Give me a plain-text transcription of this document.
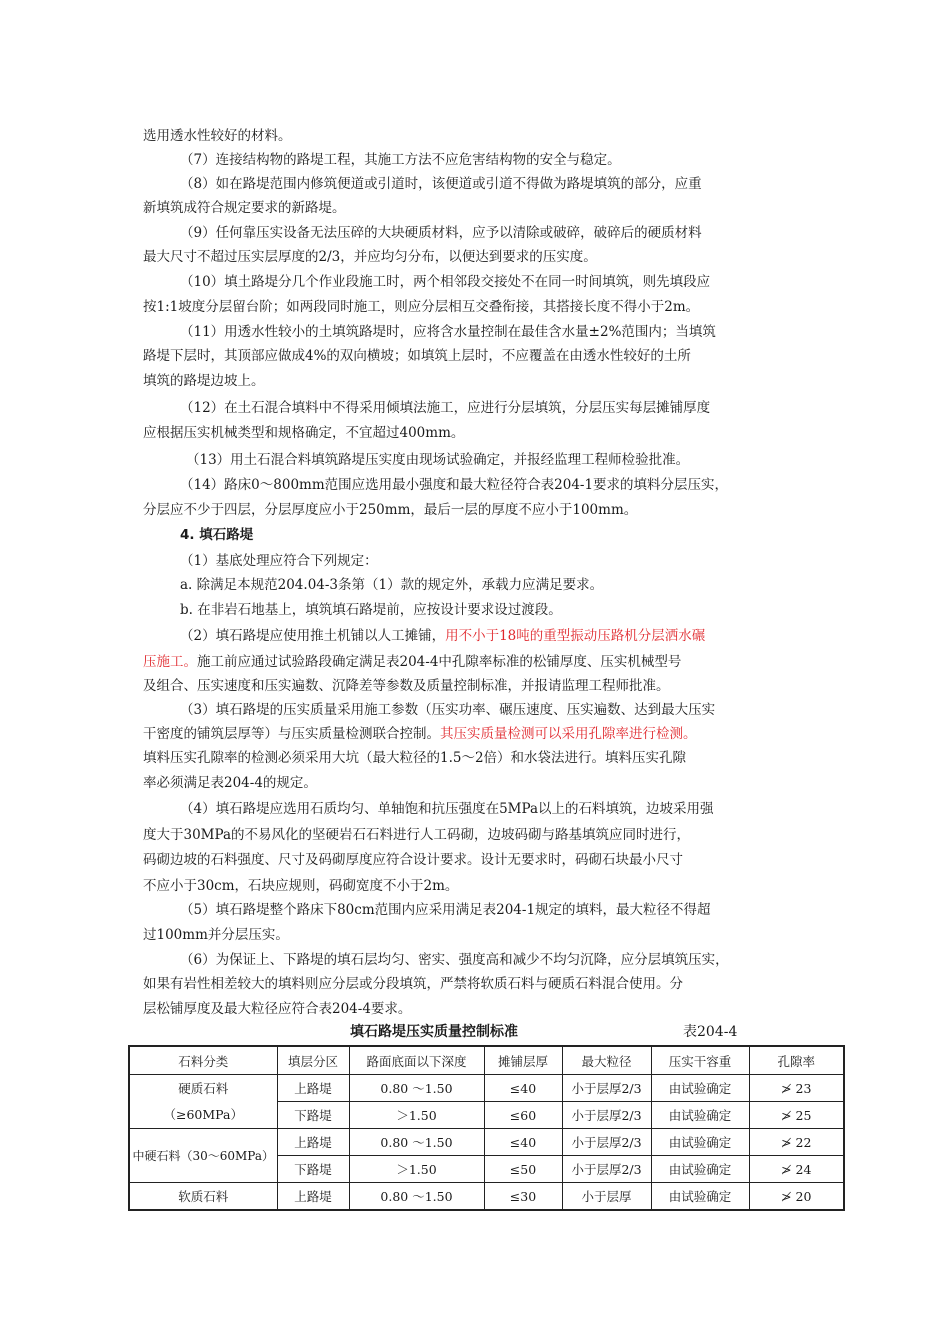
选用透水性较好的材料。
（7）连接结构物的路堤工程，其施工方法不应危害结构物的安全与稳定。
（8）如在路堤范围内修筑便道或引道时，该便道或引道不得做为路堤填筑的部分，应重
新填筑成符合规定要求的新路堤。
（9）任何靠压实设备无法压碎的大块硬质材料，应予以清除或破碎，破碎后的硬质材料
最大尺寸不超过压实层厚度的2/3，并应均匀分布，以便达到要求的压实度。
（10）填土路堤分几个作业段施工时，两个相邻段交接处不在同一时间填筑，则先填段应
按1:1坡度分层留台阶；如两段同时施工，则应分层相互交叠衔接，其搭接长度不得小于2m。
（11）用透水性较小的土填筑路堤时，应将含水量控制在最佳含水量±2%范围内；当填筑
路堤下层时，其顶部应做成4%的双向横坡；如填筑上层时，不应覆盖在由透水性较好的土所
填筑的路堤边坡上。
（12）在土石混合填料中不得采用倾填法施工，应进行分层填筑，分层压实每层摊铺厚度
应根据压实机械类型和规格确定，不宜超过400mm。
（13）用土石混合料填筑路堤压实度由现场试验确定，并报经监理工程师检验批准。
（14）路床0～800mm范围应选用最小强度和最大粒径符合表204-1要求的填料分层压实，
分层应不少于四层，分层厚度应小于250mm，最后一层的厚度不应小于100mm。
4. 填石路堤
（1）基底处理应符合下列规定：
a. 除满足本规范204.04-3条第（1）款的规定外，承载力应满足要求。
b. 在非岩石地基上，填筑填石路堤前，应按设计要求设过渡段。
（2）填石路堤应使用推土机铺以人工摊铺，用不小于18吨的重型振动压路机分层洒水碾
压施工。施工前应通过试验路段确定满足表204-4中孔隙率标准的松铺厚度、压实机械型号
及组合、压实速度和压实遍数、沉降差等参数及质量控制标准，并报请监理工程师批准。
（3）填石路堤的压实质量采用施工参数（压实功率、碾压速度、压实遍数、达到最大压实
干密度的铺筑层厚等）与压实质量检测联合控制。其压实质量检测可以采用孔隙率进行检测。
填料压实孔隙率的检测必须采用大坑（最大粒径的1.5～2倍）和水袋法进行。填料压实孔隙
率必须满足表204-4的规定。
（4）填石路堤应选用石质均匀、单轴饱和抗压强度在5MPa以上的石料填筑，边坡采用强
度大于30MPa的不易风化的坚硬岩石石料进行人工码砌，边坡码砌与路基填筑应同时进行，
码砌边坡的石料强度、尺寸及码砌厚度应符合设计要求。设计无要求时，码砌石块最小尺寸
不应小于30cm，石块应规则，码砌宽度不小于2m。
（5）填石路堤整个路床下80cm范围内应采用满足表204-1规定的填料，最大粒径不得超
过100mm并分层压实。
（6）为保证上、下路堤的填石层均匀、密实、强度高和减少不均匀沉降，应分层填筑压实，
如果有岩性相差较大的填料则应分层或分段填筑，严禁将软质石料与硬质石料混合使用。分
层松铺厚度及最大粒径应符合表204-4要求。
填石路堤压实质量控制标准	表204-4
石料分类	填层分区	路面底面以下深度	摊铺层厚	最大粒径	压实干容重	孔隙率

硬质石料
（≥60MPa）	上路堤	0.80 ～1.50	≤40	小于层厚2/3	由试验确定	≯ 23
	下路堤	＞1.50	≤60	小于层厚2/3	由试验确定	≯ 25
中硬石料（30～60MPa）	上路堤	0.80 ～1.50	≤40	小于层厚2/3	由试验确定	≯ 22
	下路堤	＞1.50	≤50	小于层厚2/3	由试验确定	≯ 24
软质石料	上路堤	0.80 ～1.50	≤30	小于层厚	由试验确定	≯ 20
